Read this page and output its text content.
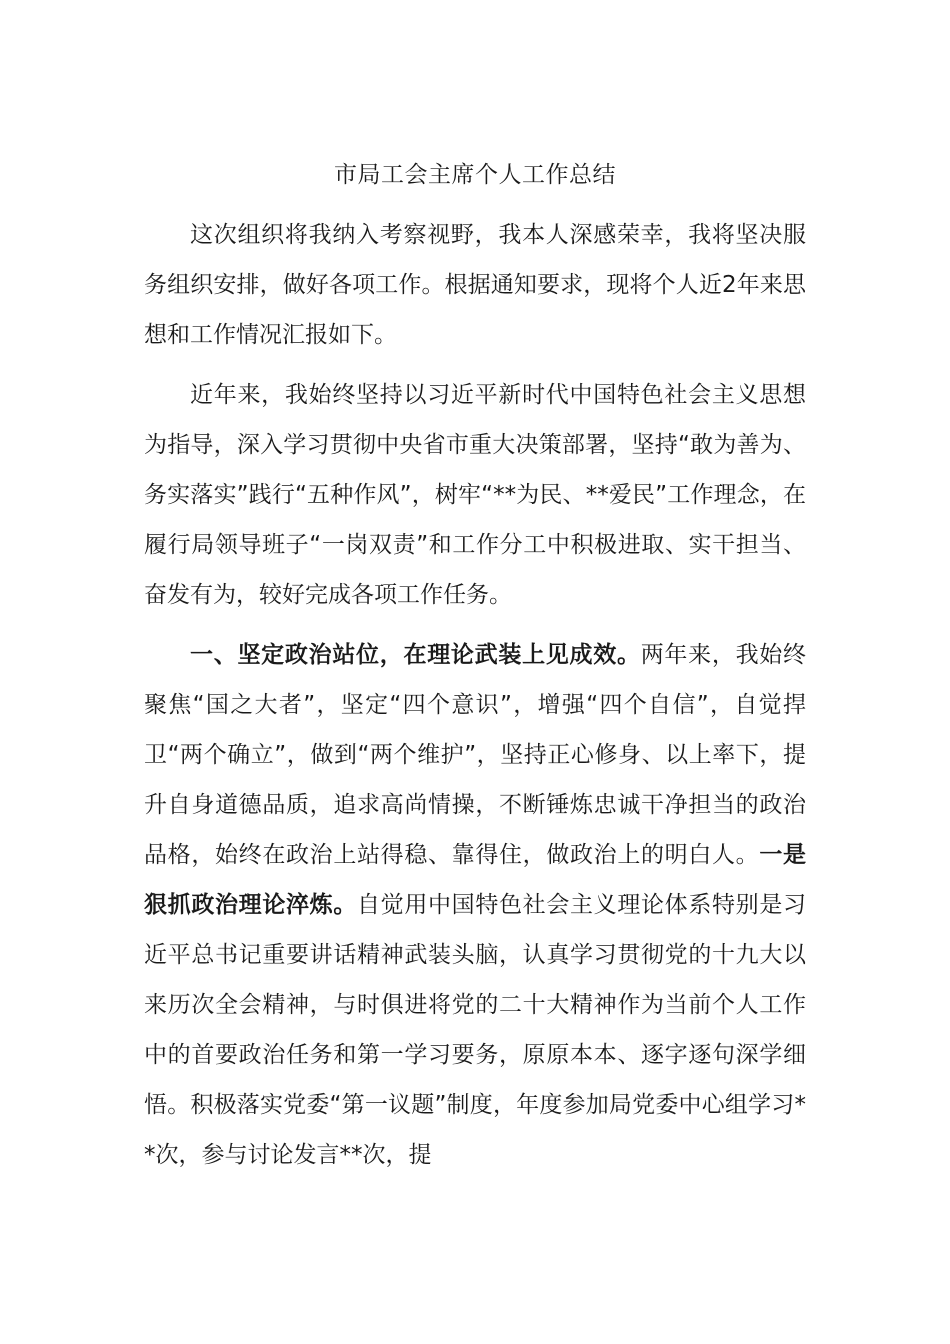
市局工会主席个人工作总结

这次组织将我纳入考察视野，我本人深感荣幸，我将坚决服务组织安排，做好各项工作。根据通知要求，现将个人近2年来思想和工作情况汇报如下。

近年来，我始终坚持以习近平新时代中国特色社会主义思想为指导，深入学习贯彻中央省市重大决策部署，坚持“敢为善为、务实落实”践行“五种作风”，树牢“**为民、**爱民”工作理念，在履行局领导班子“一岗双责”和工作分工中积极进取、实干担当、奋发有为，较好完成各项工作任务。

一、坚定政治站位，在理论武装上见成效。两年来，我始终聚焦“国之大者”，坚定“四个意识”，增强“四个自信”，自觉捍卫“两个确立”，做到“两个维护”，坚持正心修身、以上率下，提升自身道德品质，追求高尚情操，不断锤炼忠诚干净担当的政治品格，始终在政治上站得稳、靠得住，做政治上的明白人。一是狠抓政治理论淬炼。自觉用中国特色社会主义理论体系特别是习近平总书记重要讲话精神武装头脑，认真学习贯彻党的十九大以来历次全会精神，与时俱进将党的二十大精神作为当前个人工作中的首要政治任务和第一学习要务，原原本本、逐字逐句深学细悟。积极落实党委“第一议题”制度，年度参加局党委中心组学习**次，参与讨论发言**次，提
